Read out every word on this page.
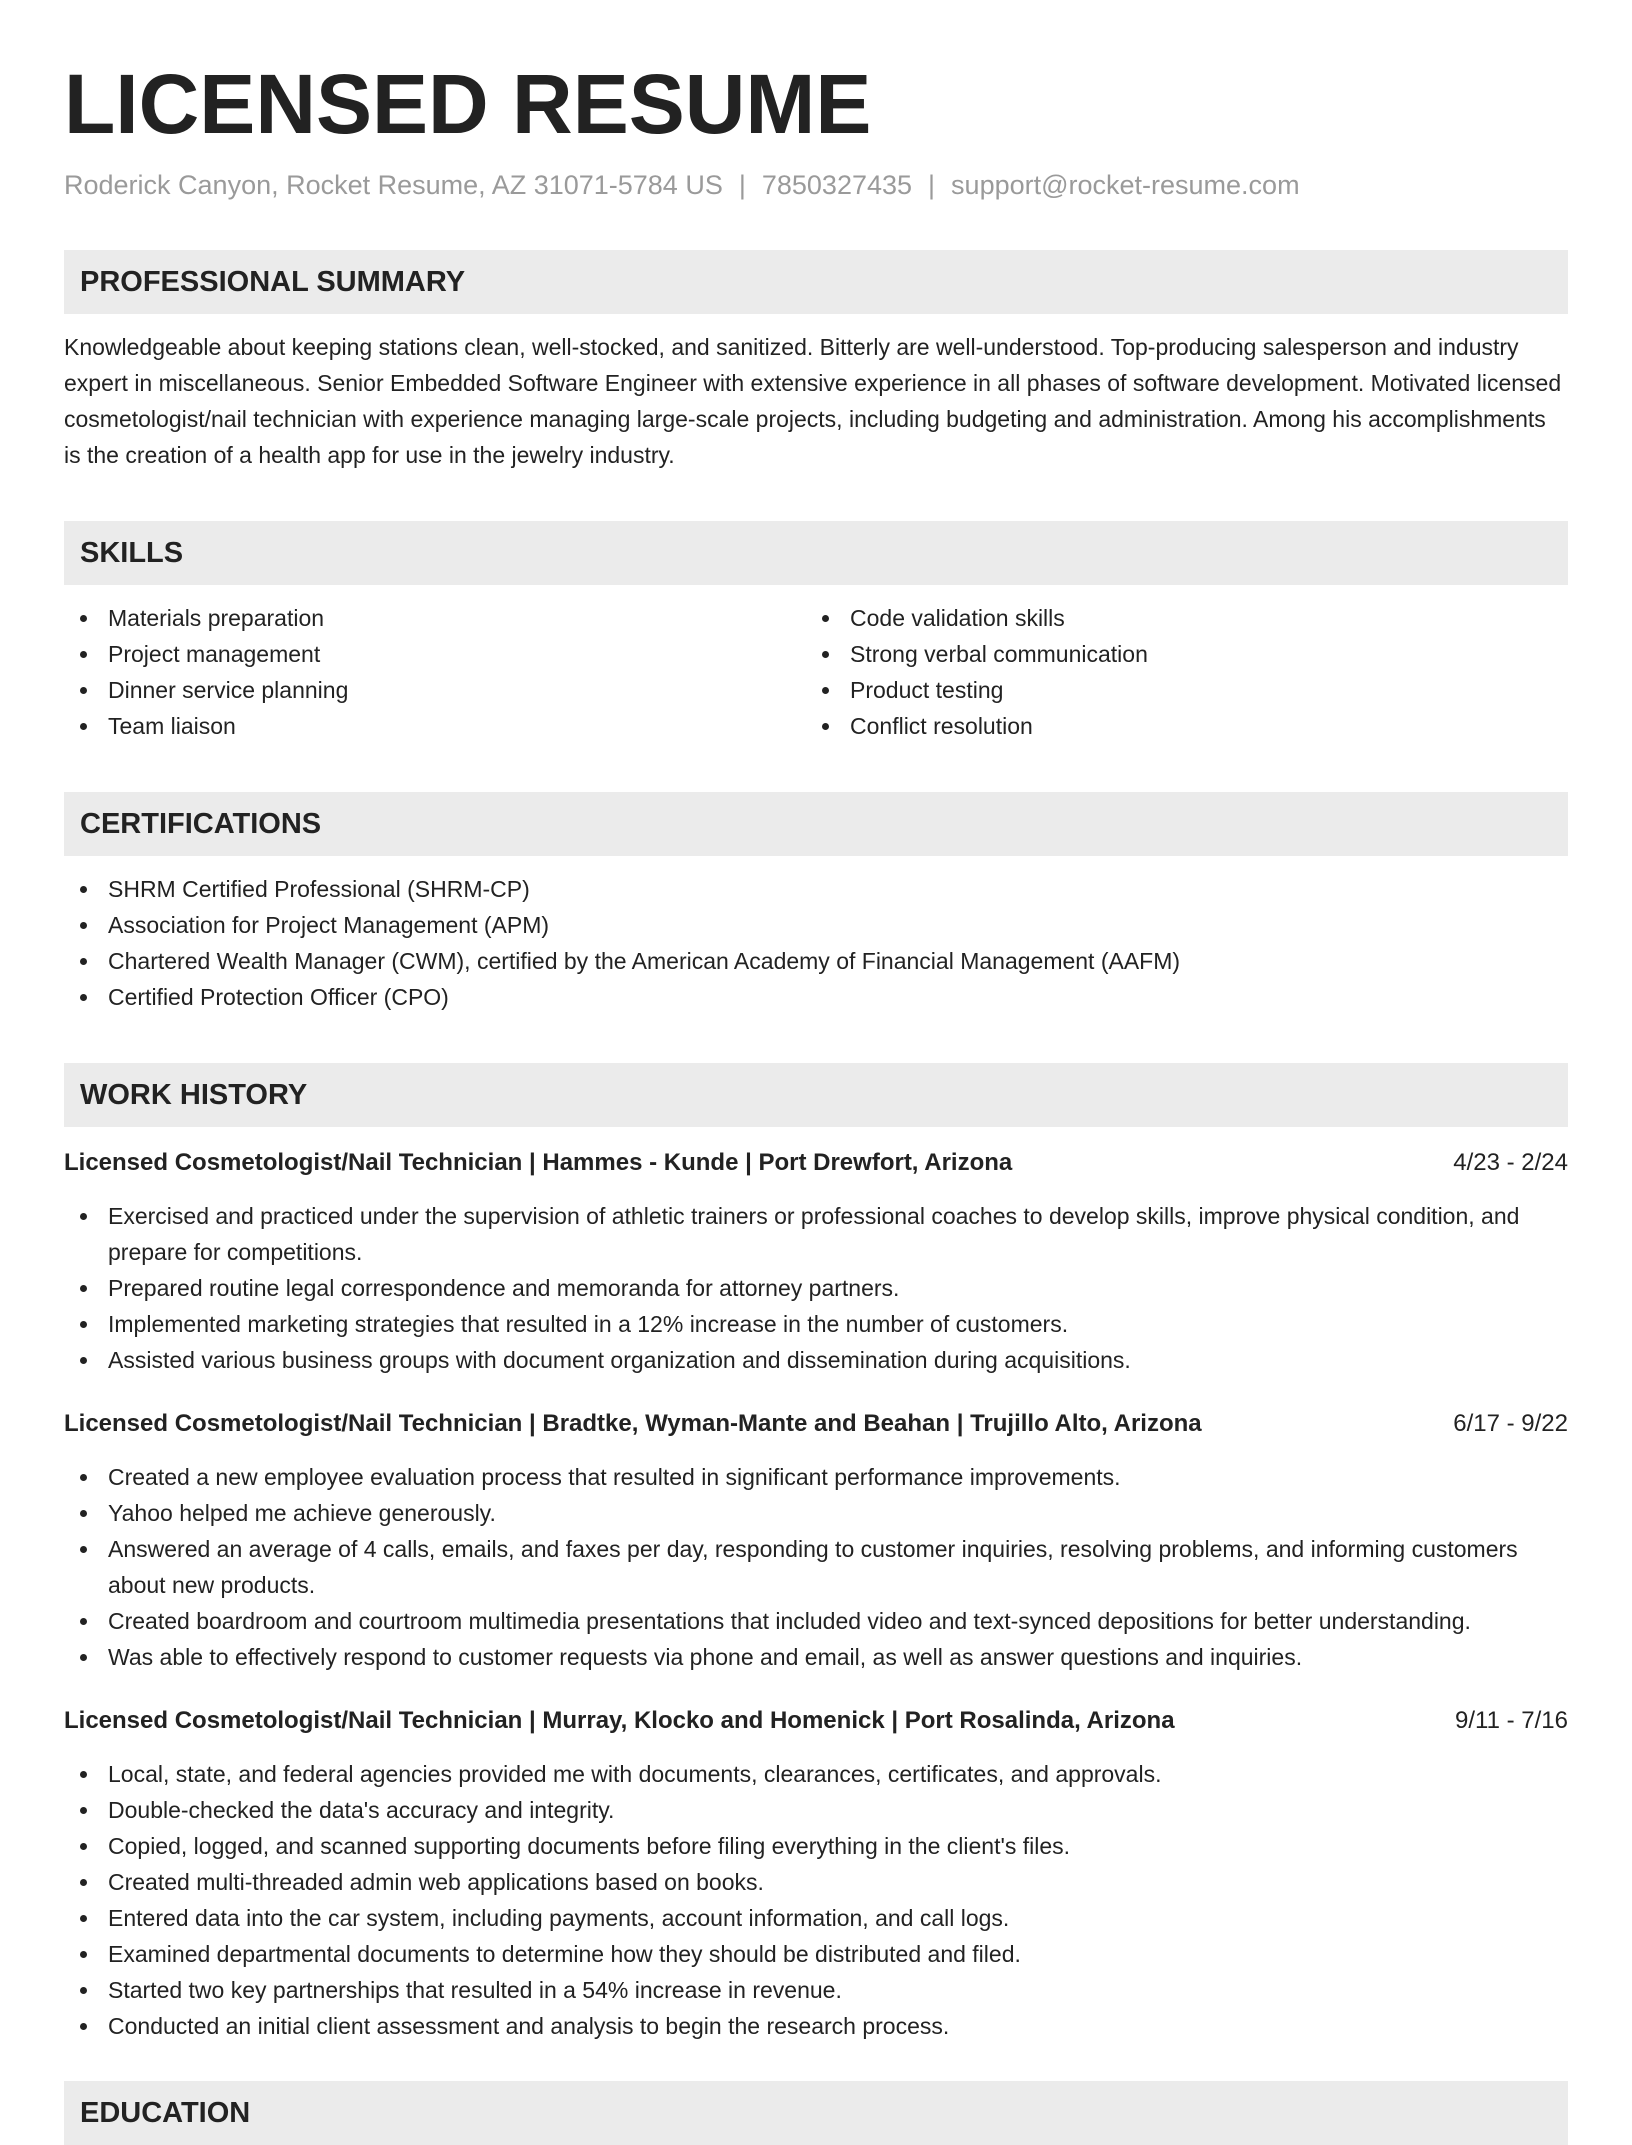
LICENSED RESUME
Roderick Canyon, Rocket Resume, AZ 31071-5784 US | 7850327435 | support@rocket-resume.com
PROFESSIONAL SUMMARY
Knowledgeable about keeping stations clean, well-stocked, and sanitized. Bitterly are well-understood. Top-producing salesperson and industry expert in miscellaneous. Senior Embedded Software Engineer with extensive experience in all phases of software development. Motivated licensed cosmetologist/nail technician with experience managing large-scale projects, including budgeting and administration. Among his accomplishments is the creation of a health app for use in the jewelry industry.
SKILLS
Materials preparation
Project management
Dinner service planning
Team liaison
Code validation skills
Strong verbal communication
Product testing
Conflict resolution
CERTIFICATIONS
SHRM Certified Professional (SHRM-CP)
Association for Project Management (APM)
Chartered Wealth Manager (CWM), certified by the American Academy of Financial Management (AAFM)
Certified Protection Officer (CPO)
WORK HISTORY
Licensed Cosmetologist/Nail Technician | Hammes - Kunde | Port Drewfort, Arizona	4/23 - 2/24
Exercised and practiced under the supervision of athletic trainers or professional coaches to develop skills, improve physical condition, and prepare for competitions.
Prepared routine legal correspondence and memoranda for attorney partners.
Implemented marketing strategies that resulted in a 12% increase in the number of customers.
Assisted various business groups with document organization and dissemination during acquisitions.
Licensed Cosmetologist/Nail Technician | Bradtke, Wyman-Mante and Beahan | Trujillo Alto, Arizona	6/17 - 9/22
Created a new employee evaluation process that resulted in significant performance improvements.
Yahoo helped me achieve generously.
Answered an average of 4 calls, emails, and faxes per day, responding to customer inquiries, resolving problems, and informing customers about new products.
Created boardroom and courtroom multimedia presentations that included video and text-synced depositions for better understanding.
Was able to effectively respond to customer requests via phone and email, as well as answer questions and inquiries.
Licensed Cosmetologist/Nail Technician | Murray, Klocko and Homenick | Port Rosalinda, Arizona	9/11 - 7/16
Local, state, and federal agencies provided me with documents, clearances, certificates, and approvals.
Double-checked the data's accuracy and integrity.
Copied, logged, and scanned supporting documents before filing everything in the client's files.
Created multi-threaded admin web applications based on books.
Entered data into the car system, including payments, account information, and call logs.
Examined departmental documents to determine how they should be distributed and filed.
Started two key partnerships that resulted in a 54% increase in revenue.
Conducted an initial client assessment and analysis to begin the research process.
EDUCATION
